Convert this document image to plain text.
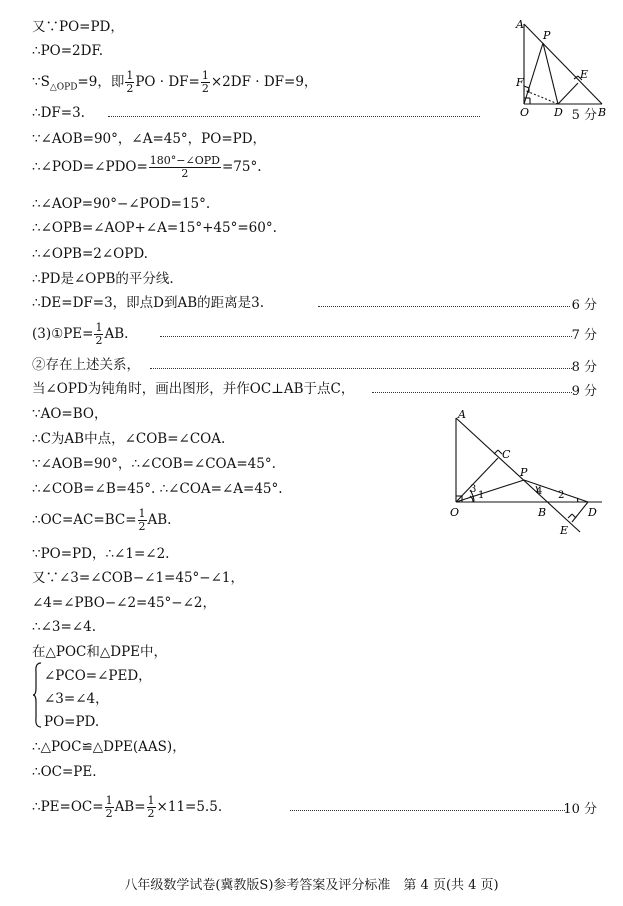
又∵PO=PD，
∴PO=2DF.
$\because S_{\triangle OPD}=9$，即 $\frac{1}{2}$ PO · $DF= \frac{1}{2} \times 2DF \cdot DF=9$，
∴DF=3.	5 分
∵∠AOB=90°，∠A=45°，PO=PD，
∴∠POD=∠PDO= $\frac{\text{180°−∠OPD}}{2} =75^\circ$.
∴∠AOP=90°−∠POD=15°.
∴∠OPB=∠AOP+∠A=15°+45°=60°.
∴∠OPB=2∠OPD.
∴PD是∠OPB的平分线.
∴DE=DF=3，即点D到AB的距离是3.	6 分
(3)①PE= $\frac{1}{2}$ AB.	7 分
②存在上述关系，	8 分
当∠OPD为钝角时，画出图形，并作OC⊥AB于点C，	9 分
∵AO=BO，
∴C为AB中点，∠COB=∠COA.
∵∠AOB=90°，∴∠COB=∠COA=45°.
∴∠COB=∠B=45°. ∴∠COA=∠A=45°.
∴OC=AC=BC= $\frac{1}{2}$ AB.
∵PO=PD，∴∠1=∠2.
又∵∠3=∠COB−∠1=45°−∠1，
∠4=∠PBO−∠2=45°−∠2，
∴∠3=∠4.
在△POC和△DPE中，
∠PCO=∠PED，
∠3=∠4，
PO=PD.
∴△POC≌△DPE(AAS)，
∴OC=PE.
∴PE=OC= $\frac{1}{2} AB= \frac{1}{2} \times 11=5.5$.	10 分
A
P
E
F
O D	B
A
C
P
O	B	D
E
1	2
3	4
八年级数学试卷(冀教版S)参考答案及评分标准　第 4 页(共 4 页)
